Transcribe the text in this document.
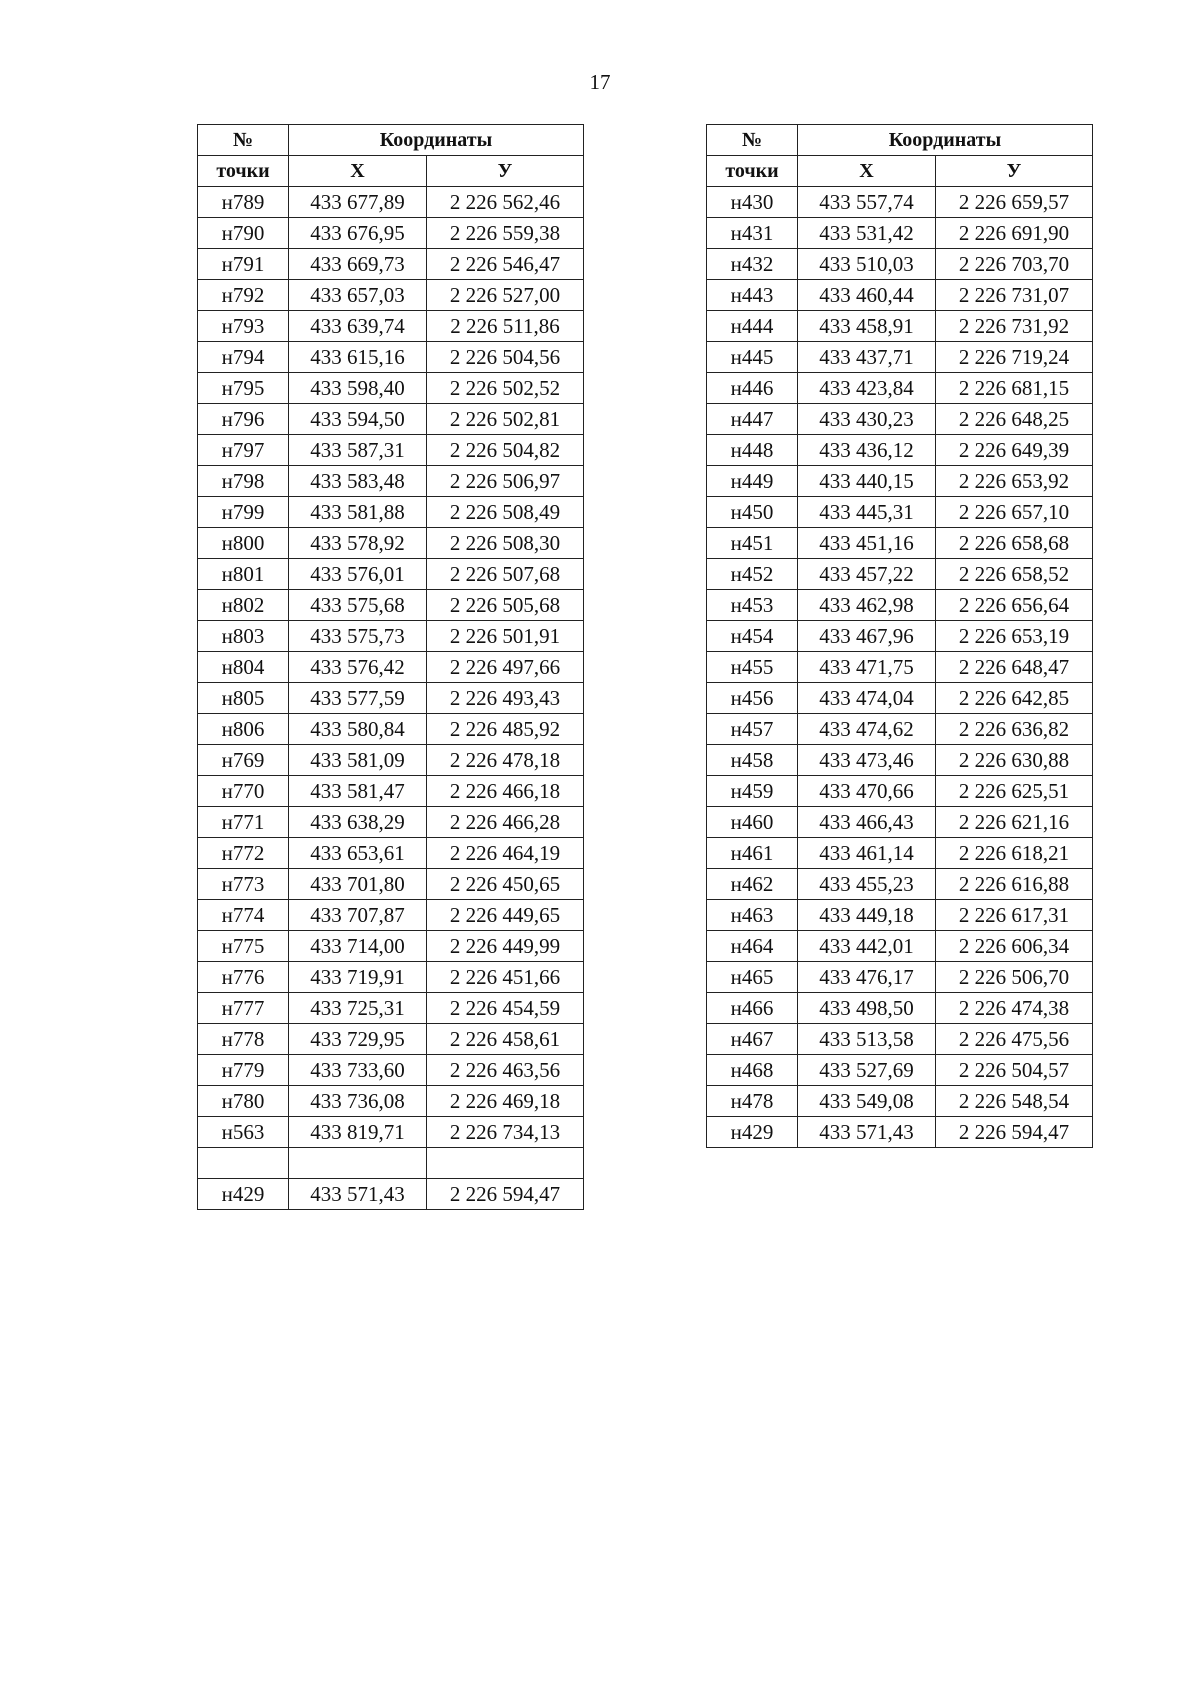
17
№	Координаты	
точки	X	У
н789	433 677,89	2 226 562,46
н790	433 676,95	2 226 559,38
н791	433 669,73	2 226 546,47
н792	433 657,03	2 226 527,00
н793	433 639,74	2 226 511,86
н794	433 615,16	2 226 504,56
н795	433 598,40	2 226 502,52
н796	433 594,50	2 226 502,81
н797	433 587,31	2 226 504,82
н798	433 583,48	2 226 506,97
н799	433 581,88	2 226 508,49
н800	433 578,92	2 226 508,30
н801	433 576,01	2 226 507,68
н802	433 575,68	2 226 505,68
н803	433 575,73	2 226 501,91
н804	433 576,42	2 226 497,66
н805	433 577,59	2 226 493,43
н806	433 580,84	2 226 485,92
н769	433 581,09	2 226 478,18
н770	433 581,47	2 226 466,18
н771	433 638,29	2 226 466,28
н772	433 653,61	2 226 464,19
н773	433 701,80	2 226 450,65
н774	433 707,87	2 226 449,65
н775	433 714,00	2 226 449,99
н776	433 719,91	2 226 451,66
н777	433 725,31	2 226 454,59
н778	433 729,95	2 226 458,61
н779	433 733,60	2 226 463,56
н780	433 736,08	2 226 469,18
н563	433 819,71	2 226 734,13

н429	433 571,43	2 226 594,47
№	Координаты	
точки	X	У
н430	433 557,74	2 226 659,57
н431	433 531,42	2 226 691,90
н432	433 510,03	2 226 703,70
н443	433 460,44	2 226 731,07
н444	433 458,91	2 226 731,92
н445	433 437,71	2 226 719,24
н446	433 423,84	2 226 681,15
н447	433 430,23	2 226 648,25
н448	433 436,12	2 226 649,39
н449	433 440,15	2 226 653,92
н450	433 445,31	2 226 657,10
н451	433 451,16	2 226 658,68
н452	433 457,22	2 226 658,52
н453	433 462,98	2 226 656,64
н454	433 467,96	2 226 653,19
н455	433 471,75	2 226 648,47
н456	433 474,04	2 226 642,85
н457	433 474,62	2 226 636,82
н458	433 473,46	2 226 630,88
н459	433 470,66	2 226 625,51
н460	433 466,43	2 226 621,16
н461	433 461,14	2 226 618,21
н462	433 455,23	2 226 616,88
н463	433 449,18	2 226 617,31
н464	433 442,01	2 226 606,34
н465	433 476,17	2 226 506,70
н466	433 498,50	2 226 474,38
н467	433 513,58	2 226 475,56
н468	433 527,69	2 226 504,57
н478	433 549,08	2 226 548,54
н429	433 571,43	2 226 594,47
